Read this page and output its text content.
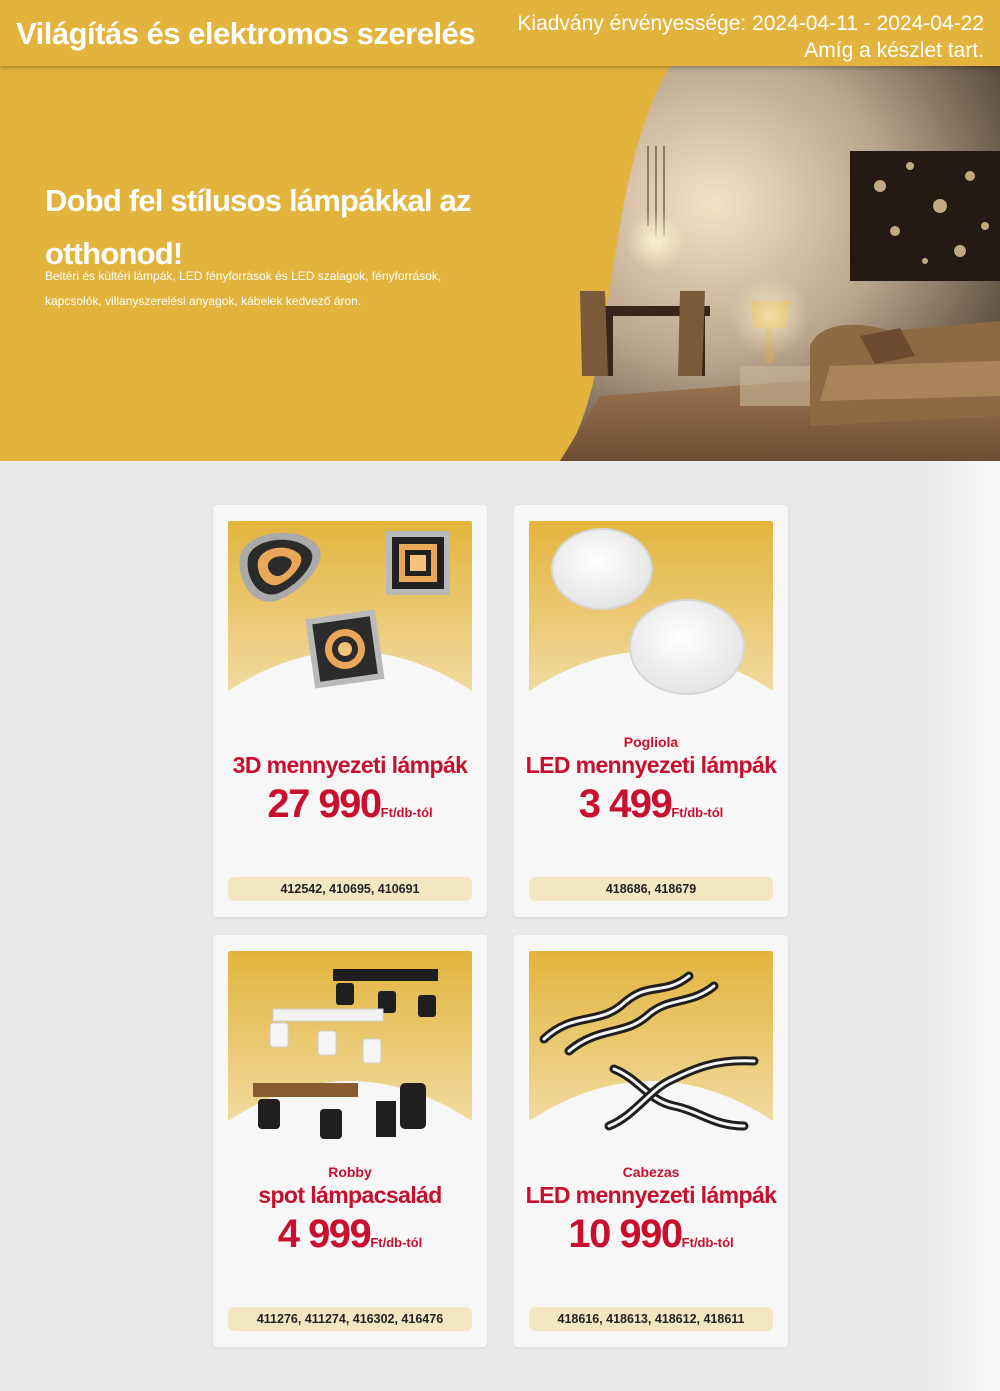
Világítás és elektromos szerelés Kiadvány érvényessége: 2024-04-11 - 2024-04-22
Amíg a készlet tart.
Dobd fel stílusos lámpákkal az otthonod!

Beltéri és kültéri lámpák, LED fényforrások és LED szalagok, fényforrások, kapcsolók, villanyszerelési anyagok, kábelek kedvező áron.

3D mennyezeti lámpák
27 990Ft/db-tól
412542, 410695, 410691
Pogliola
LED mennyezeti lámpák
3 499Ft/db-tól
418686, 418679
Robby
spot lámpacsalád
4 999Ft/db-tól
411276, 411274, 416302, 416476
Cabezas
LED mennyezeti lámpák
10 990Ft/db-tól
418616, 418613, 418612, 418611
